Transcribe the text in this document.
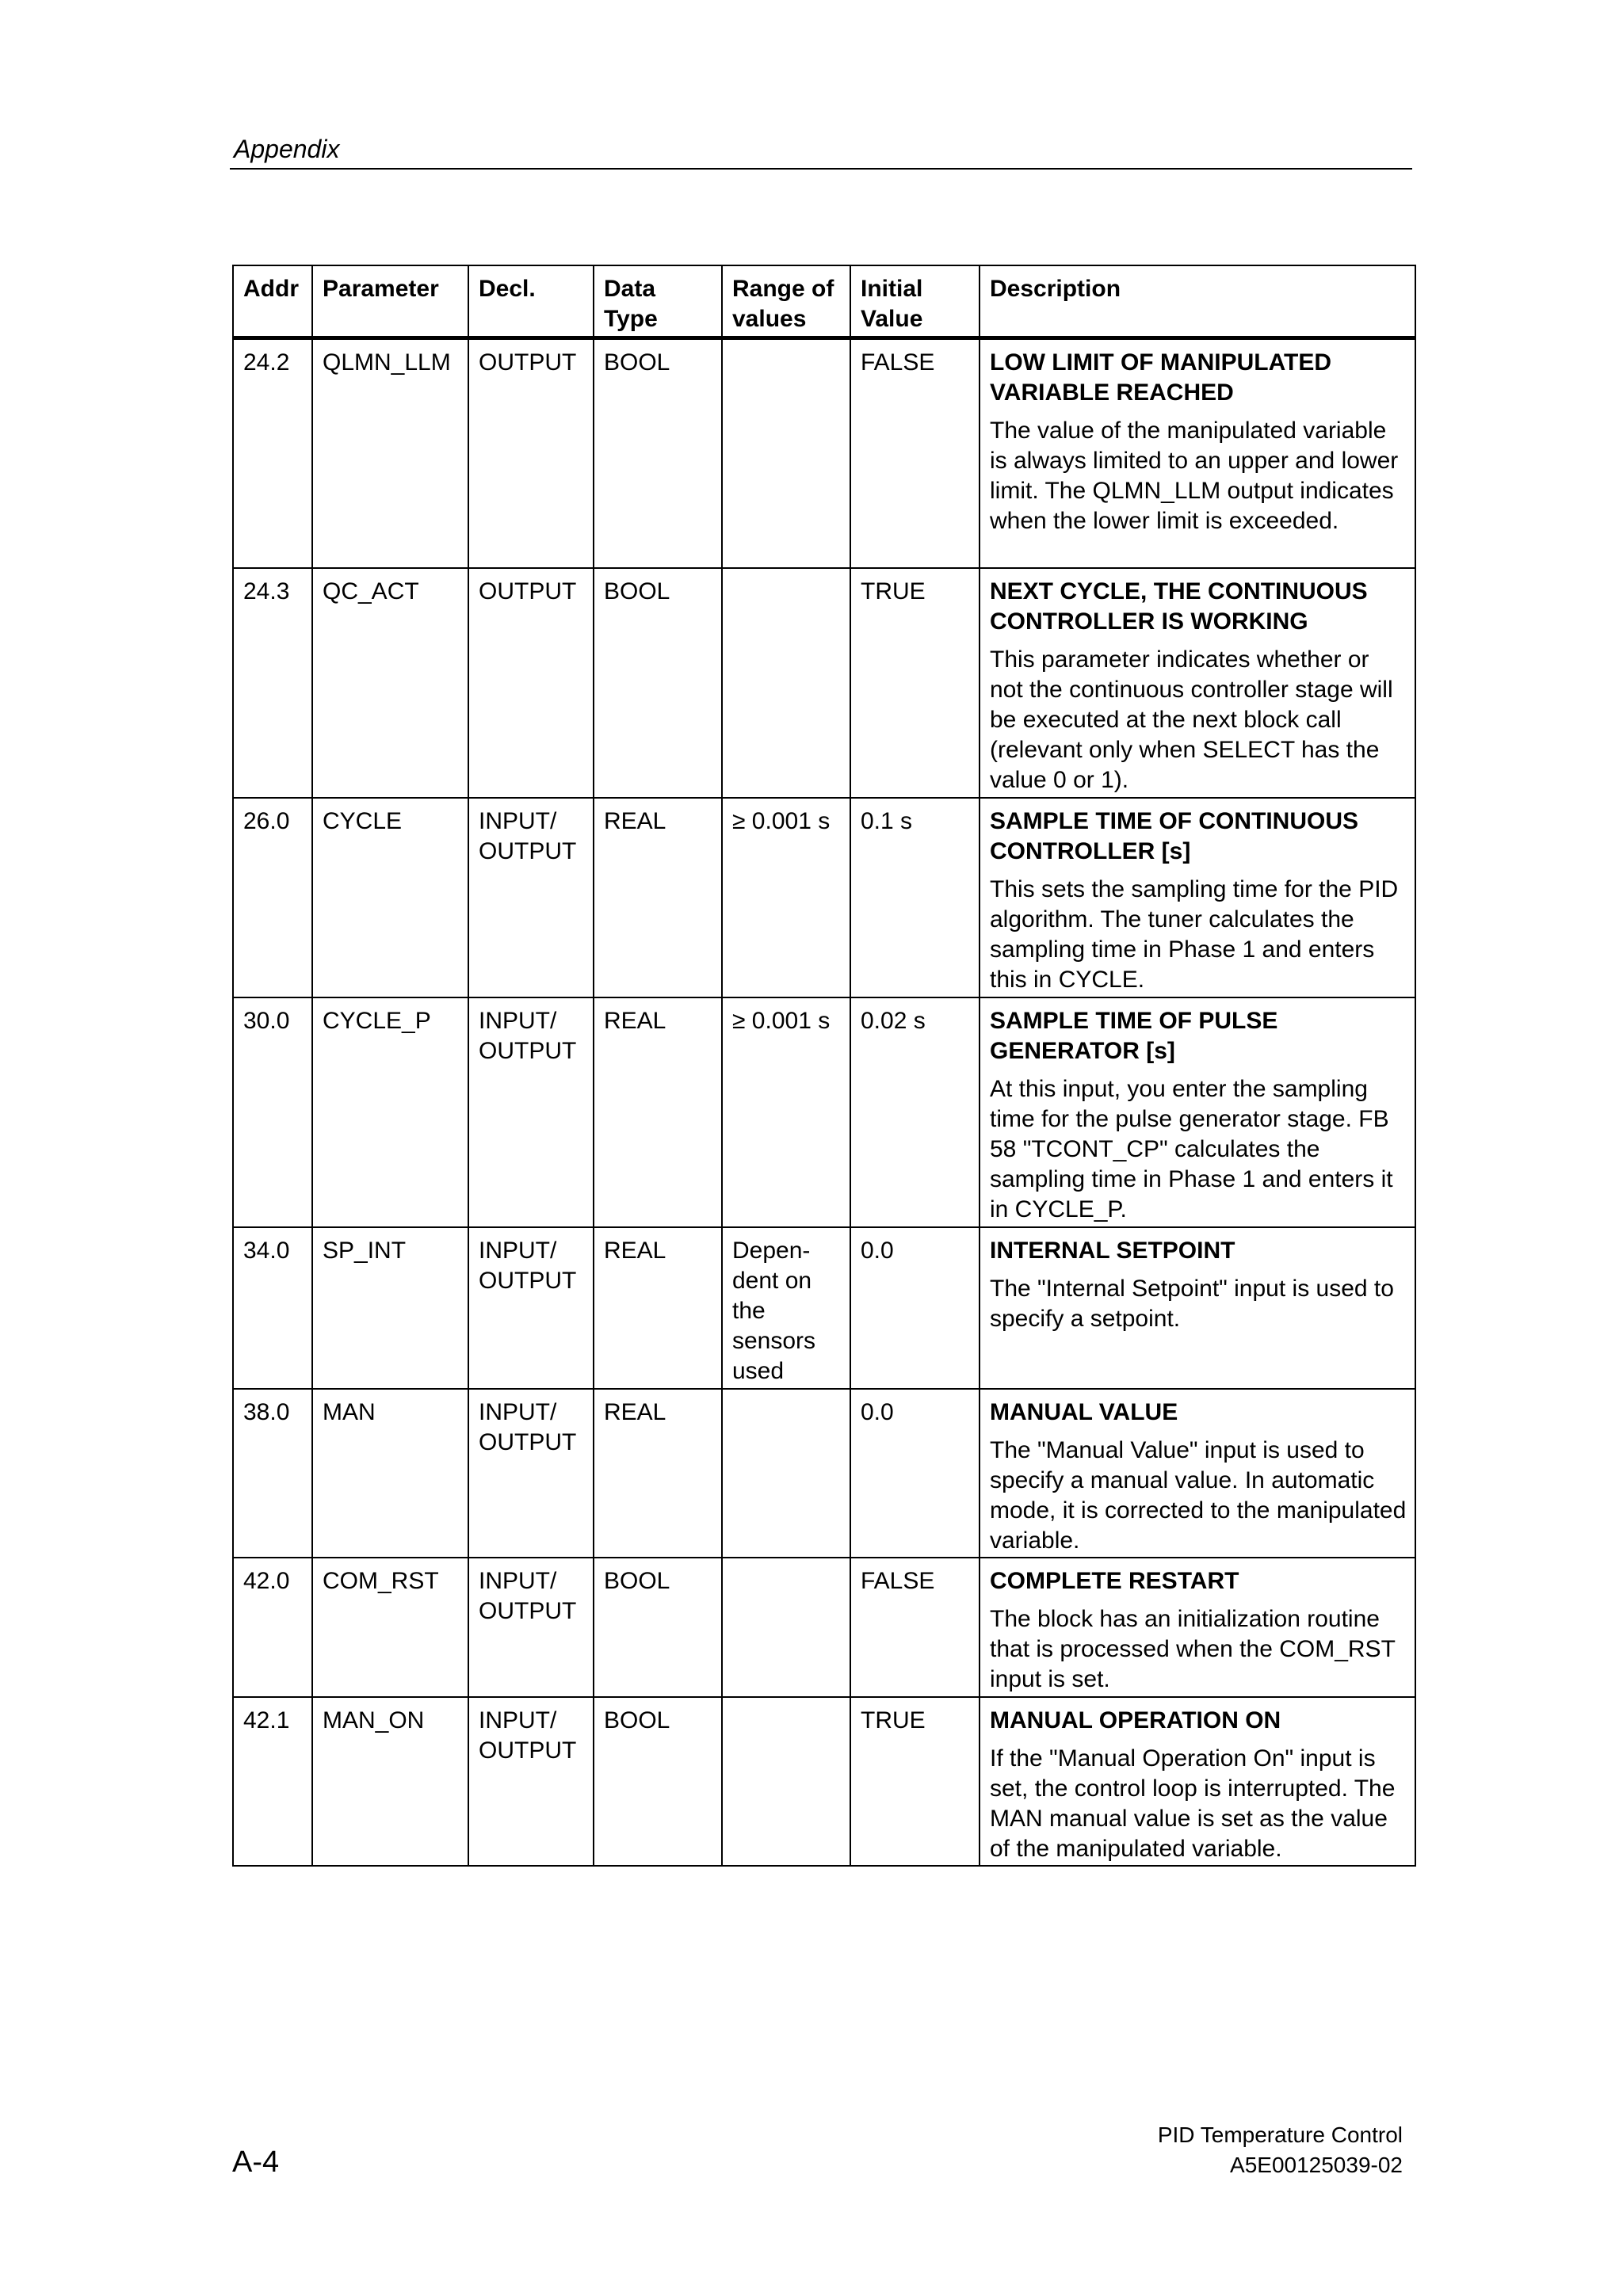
Appendix
Addr	Parameter	Decl.	Data Type	Range of values	Initial Value	Description
24.2	QLMN_LLM	OUTPUT	BOOL		FALSE	LOW LIMIT OF MANIPULATED VARIABLE REACHED
The value of the manipulated variable is always limited to an upper and lower limit. The QLMN_LLM output indicates when the lower limit is exceeded.

24.3	QC_ACT	OUTPUT	BOOL		TRUE	NEXT CYCLE, THE CONTINUOUS CONTROLLER IS WORKING
This parameter indicates whether or not the continuous controller stage will be executed at the next block call (relevant only when SELECT has the value 0 or 1).

26.0	CYCLE	INPUT/ OUTPUT	REAL	≥ 0.001 s	0.1 s	SAMPLE TIME OF CONTINUOUS CONTROLLER [s]
This sets the sampling time for the PID algorithm. The tuner calculates the sampling time in Phase 1 and enters this in CYCLE.

30.0	CYCLE_P	INPUT/ OUTPUT	REAL	≥ 0.001 s	0.02 s	SAMPLE TIME OF PULSE GENERATOR [s]
At this input, you enter the sampling time for the pulse generator stage. FB 58 "TCONT_CP" calculates the sampling time in Phase 1 and enters it in CYCLE_P.

34.0	SP_INT	INPUT/ OUTPUT	REAL	Depen- dent on the sensors used	0.0	INTERNAL SETPOINT
The "Internal Setpoint" input is used to specify a setpoint.

38.0	MAN	INPUT/ OUTPUT	REAL		0.0	MANUAL VALUE
The "Manual Value" input is used to specify a manual value. In automatic mode, it is corrected to the manipulated variable.

42.0	COM_RST	INPUT/ OUTPUT	BOOL		FALSE	COMPLETE RESTART
The block has an initialization routine that is processed when the COM_RST input is set.

42.1	MAN_ON	INPUT/ OUTPUT	BOOL		TRUE	MANUAL OPERATION ON
If the "Manual Operation On" input is set, the control loop is interrupted. The MAN manual value is set as the value of the manipulated variable.
A-4
PID Temperature Control
A5E00125039-02
